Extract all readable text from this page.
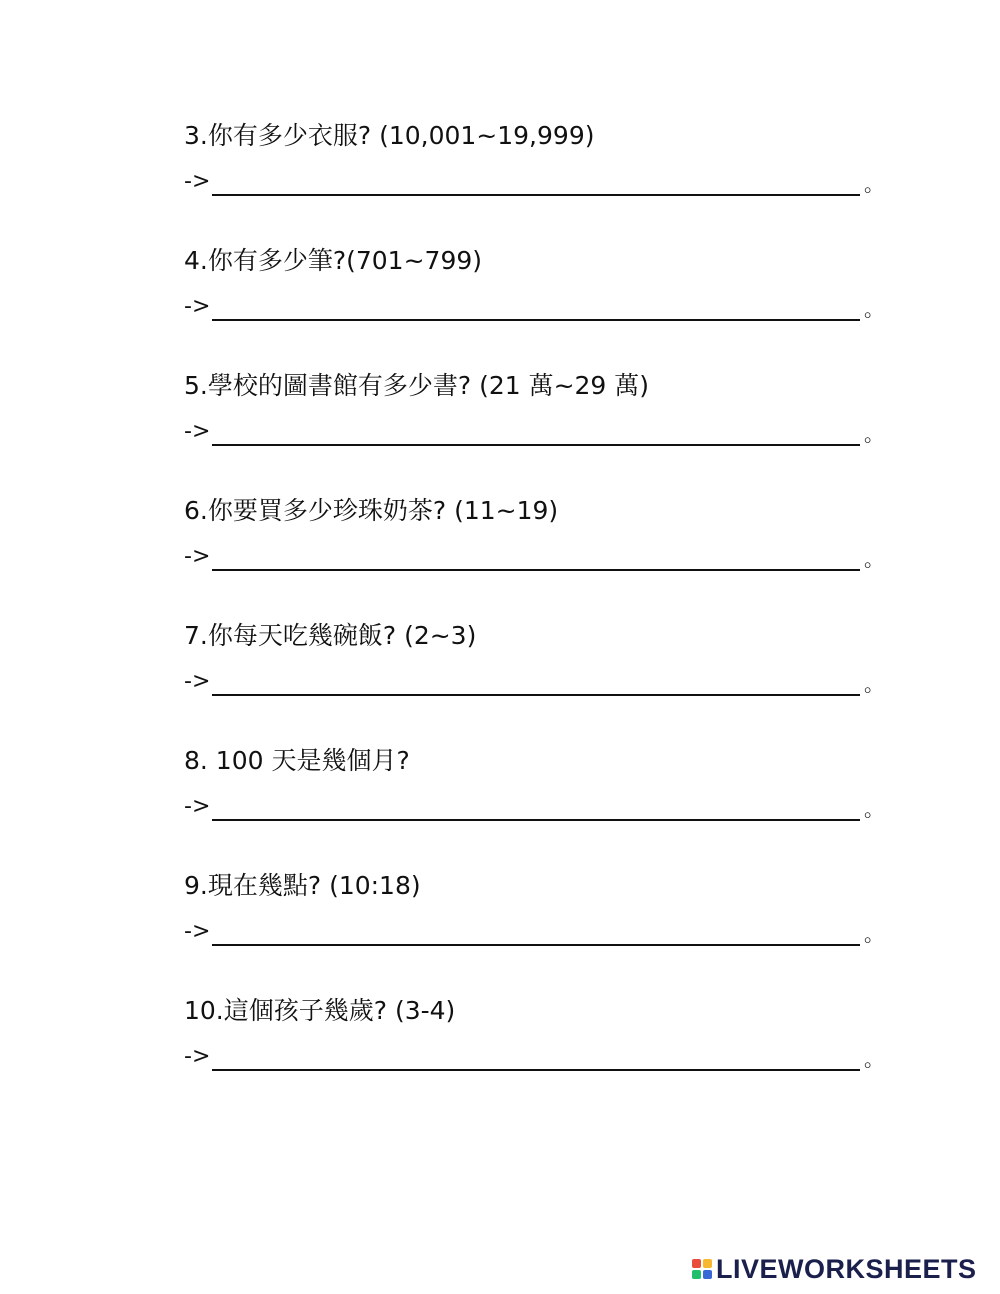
3.你有多少衣服? (10,001~19,999)
->	。
4.你有多少筆?(701~799)
->	。
5.學校的圖書館有多少書? (21 萬~29 萬)
->	。
6.你要買多少珍珠奶茶? (11~19)
->	。
7.你每天吃幾碗飯? (2~3)
->	。
8. 100 天是幾個月?
->	。
9.現在幾點? (10:18)
->	。
10.這個孩子幾歲? (3-4)
->	。
LIVEWORKSHEETS
